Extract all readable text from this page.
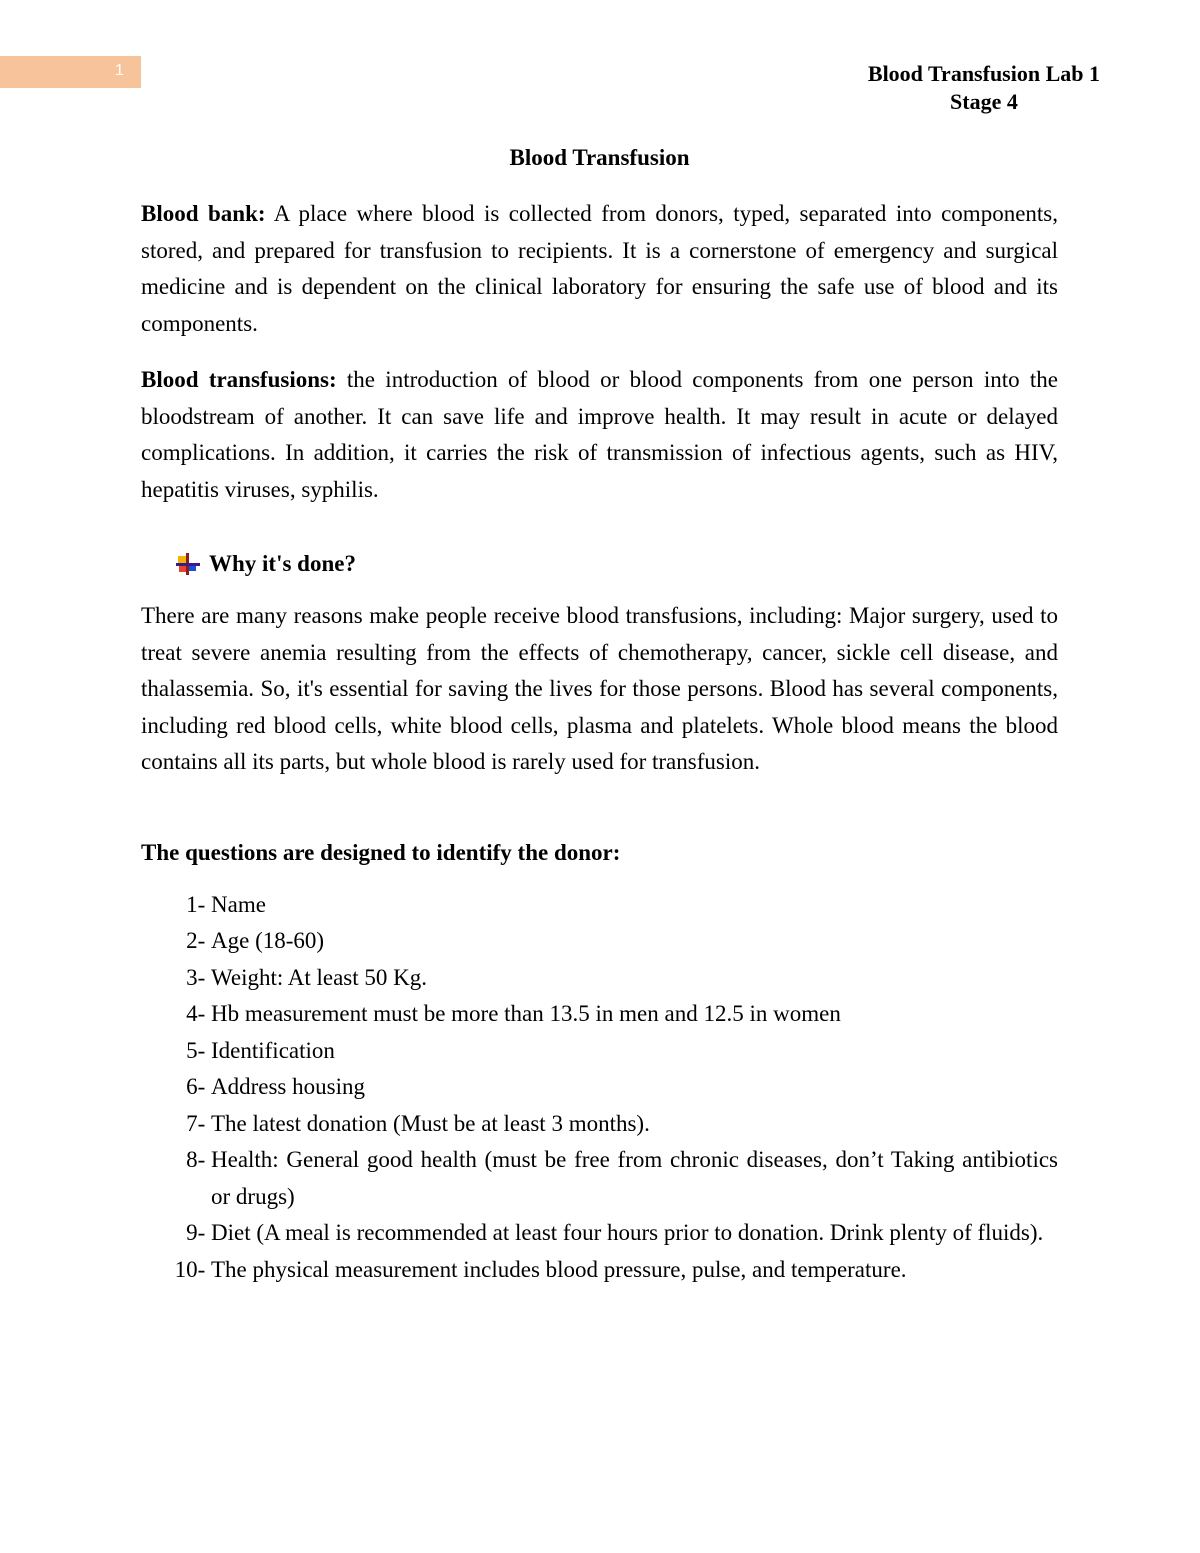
1	Blood Transfusion Lab 1
Stage 4
Blood Transfusion
Blood bank: A place where blood is collected from donors, typed, separated into components, stored, and prepared for transfusion to recipients. It is a cornerstone of emergency and surgical medicine and is dependent on the clinical laboratory for ensuring the safe use of blood and its components.
Blood transfusions: the introduction of blood or blood components from one person into the bloodstream of another. It can save life and improve health. It may result in acute or delayed complications. In addition, it carries the risk of transmission of infectious agents, such as HIV, hepatitis viruses, syphilis.
Why it's done?
There are many reasons make people receive blood transfusions, including: Major surgery, used to treat severe anemia resulting from the effects of chemotherapy, cancer, sickle cell disease, and thalassemia. So, it's essential for saving the lives for those persons. Blood has several components, including red blood cells, white blood cells, plasma and platelets. Whole blood means the blood contains all its parts, but whole blood is rarely used for transfusion.
The questions are designed to identify the donor:
1- Name
2- Age (18-60)
3- Weight: At least 50 Kg.
4- Hb measurement must be more than 13.5 in men and 12.5 in women
5- Identification
6- Address housing
7- The latest donation (Must be at least 3 months).
8- Health: General good health (must be free from chronic diseases, don’t Taking antibiotics or drugs)
9- Diet (A meal is recommended at least four hours prior to donation. Drink plenty of fluids).
10- The physical measurement includes blood pressure, pulse, and temperature.
